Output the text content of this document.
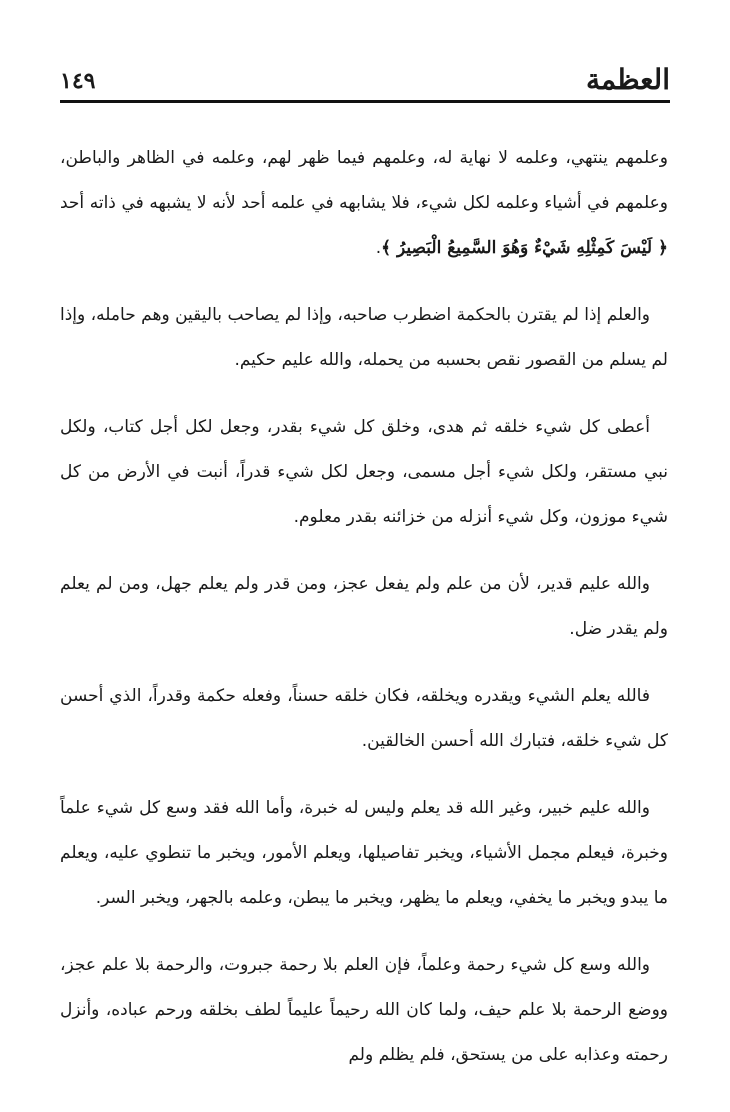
العظمة
١٤٩

وعلمهم ينتهي، وعلمه لا نهاية له، وعلمهم فيما ظهر لهم، وعلمه في الظاهر والباطن، وعلمهم في أشياء وعلمه لكل شيء، فلا يشابهه في علمه أحد لأنه لا يشبهه في ذاته أحد ﴿ لَيْسَ كَمِثْلِهِ شَيْءٌ وَهُوَ السَّمِيعُ الْبَصِيرُ ﴾.

والعلم إذا لم يقترن بالحكمة اضطرب صاحبه، وإذا لم يصاحب باليقين وهم حامله، وإذا لم يسلم من القصور نقص بحسبه من يحمله، والله عليم حكيم.

أعطى كل شيء خلقه ثم هدى، وخلق كل شيء بقدر، وجعل لكل أجل كتاب، ولكل نبي مستقر، ولكل شيء أجل مسمى، وجعل لكل شيء قدراً، أنبت في الأرض من كل شيء موزون، وكل شيء أنزله من خزائنه بقدر معلوم.

والله عليم قدير، لأن من علم ولم يفعل عجز، ومن قدر ولم يعلم جهل، ومن لم يعلم ولم يقدر ضل.

فالله يعلم الشيء ويقدره ويخلقه، فكان خلقه حسناً، وفعله حكمة وقدراً، الذي أحسن كل شيء خلقه، فتبارك الله أحسن الخالقين.

والله عليم خبير، وغير الله قد يعلم وليس له خبرة، وأما الله فقد وسع كل شيء علماً وخبرة، فيعلم مجمل الأشياء، ويخبر تفاصيلها، ويعلم الأمور، ويخبر ما تنطوي عليه، ويعلم ما يبدو ويخبر ما يخفي، ويعلم ما يظهر، ويخبر ما يبطن، وعلمه بالجهر، ويخبر السر.

والله وسع كل شيء رحمة وعلماً، فإن العلم بلا رحمة جبروت، والرحمة بلا علم عجز، ووضع الرحمة بلا علم حيف، ولما كان الله رحيماً عليماً لطف بخلقه ورحم عباده، وأنزل رحمته وعذابه على من يستحق، فلم يظلم ولم
